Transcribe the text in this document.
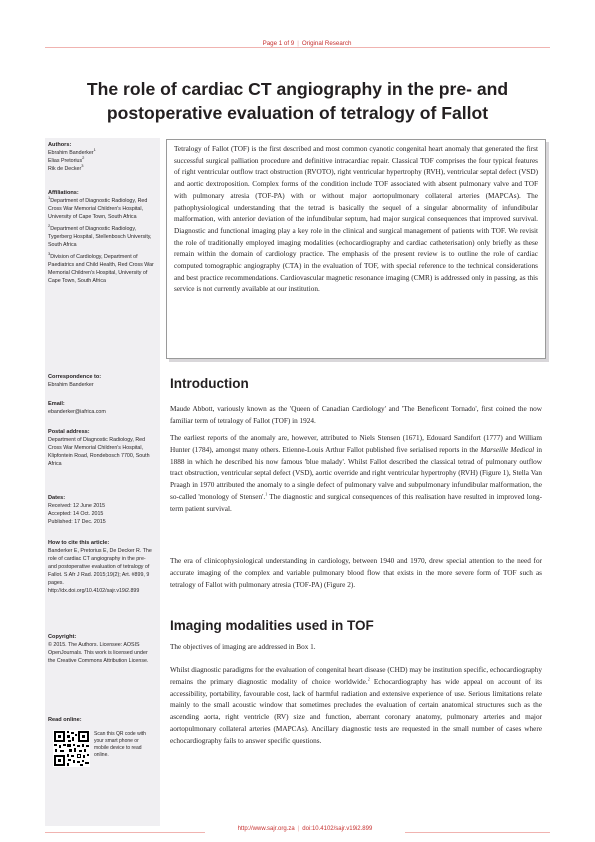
Page 1 of 9 | Original Research
The role of cardiac CT angiography in the pre- and
postoperative evaluation of tetralogy of Fallot
Authors:
Ebrahim Banderker$^1$
Elias Pretorius$^2$
Rik de Decker$^3$
Affiliations:
$^1$Department of Diagnostic Radiology, Red Cross War Memorial Children's Hospital, University of Cape Town, South Africa
$^2$Department of Diagnostic Radiology, Tygerberg Hospital, Stellenbosch University, South Africa
$^3$Division of Cardiology, Department of Paediatrics and Child Health, Red Cross War Memorial Children's Hospital, University of Cape Town, South Africa
Correspondence to:
Ebrahim Banderker
Email:
ebanderker@iafrica.com
Postal address:
Department of Diagnostic Radiology, Red Cross War Memorial Children's Hospital, Klipfontein Road, Rondebosch 7700, South Africa
Dates:
Received: 12 June 2015
Accepted: 14 Oct. 2015
Published: 17 Dec. 2015
How to cite this article:
Banderker E, Pretorius E, De Decker R. The role of cardiac CT angiography in the pre- and postoperative evaluation of tetralogy of Fallot. S Afr J Rad. 2015;19(2); Art. #899, 9 pages. http://dx.doi.org/10.4102/sajr.v19i2.899
Copyright:
© 2015. The Authors. Licensee: AOSIS OpenJournals. This work is licensed under the Creative Commons Attribution License.
Read online:
Scan this QR code with your smart phone or mobile device to read online.
Tetralogy of Fallot (TOF) is the first described and most common cyanotic congenital heart anomaly that generated the first successful surgical palliation procedure and definitive intracardiac repair. Classical TOF comprises the four typical features of right ventricular outflow tract obstruction (RVOTO), right ventricular hypertrophy (RVH), ventricular septal defect (VSD) and aortic dextroposition. Complex forms of the condition include TOF associated with absent pulmonary valve and TOF with pulmonary atresia (TOF-PA) with or without major aortopulmonary collateral arteries (MAPCAs). The pathophysiological understanding that the tetrad is basically the sequel of a singular abnormality of infundibular malformation, with anterior deviation of the infundibular septum, had major surgical consequences that improved survival. Diagnostic and functional imaging play a key role in the clinical and surgical management of patients with TOF. We revisit the role of traditionally employed imaging modalities (echocardiography and cardiac catheterisation) only briefly as these remain within the domain of cardiology practice. The emphasis of the present review is to outline the role of cardiac computed tomographic angiography (CTA) in the evaluation of TOF, with special reference to the technical considerations and best practice recommendations. Cardiovascular magnetic resonance imaging (CMR) is addressed only in passing, as this service is not currently available at our institution.
Introduction

Maude Abbott, variously known as the 'Queen of Canadian Cardiology' and 'The Beneficent Tornado', first coined the now familiar term of tetralogy of Fallot (TOF) in 1924.

The earliest reports of the anomaly are, however, attributed to Niels Stensen (1671), Edouard Sandifort (1777) and William Hunter (1784), amongst many others. Etienne-Louis Arthur Fallot published five serialised reports in the Marseille Medical in 1888 in which he described his now famous 'blue malady'. Whilst Fallot described the classical tetrad of pulmonary outflow tract obstruction, ventricular septal defect (VSD), aortic override and right ventricular hypertrophy (RVH) (Figure 1), Stella Van Praagh in 1970 attributed the anomaly to a single defect of pulmonary valve and subpulmonary infundibular malformation, the so-called 'monology of Stensen'.$^1$ The diagnostic and surgical consequences of this realisation have resulted in improved long-term patient survival.

The era of clinicophysiological understanding in cardiology, between 1940 and 1970, drew special attention to the need for accurate imaging of the complex and variable pulmonary blood flow that exists in the more severe form of TOF such as tetralogy of Fallot with pulmonary atresia (TOF-PA) (Figure 2).

Imaging modalities used in TOF

The objectives of imaging are addressed in Box 1.

Whilst diagnostic paradigms for the evaluation of congenital heart disease (CHD) may be institution specific, echocardiography remains the primary diagnostic modality of choice worldwide.$^2$ Echocardiography has wide appeal on account of its accessibility, portability, favourable cost, lack of harmful radiation and extensive experience of use. Serious limitations relate mainly to the small acoustic window that sometimes precludes the evaluation of certain anatomical structures such as the ascending aorta, right ventricle (RV) size and function, aberrant coronary anatomy, pulmonary arteries and major aortopulmonary collateral arteries (MAPCAs). Ancillary diagnostic tests are requested in the small number of cases where echocardiography fails to answer specific questions.

http://www.sajr.org.za | doi:10.4102/sajr.v19i2.899
